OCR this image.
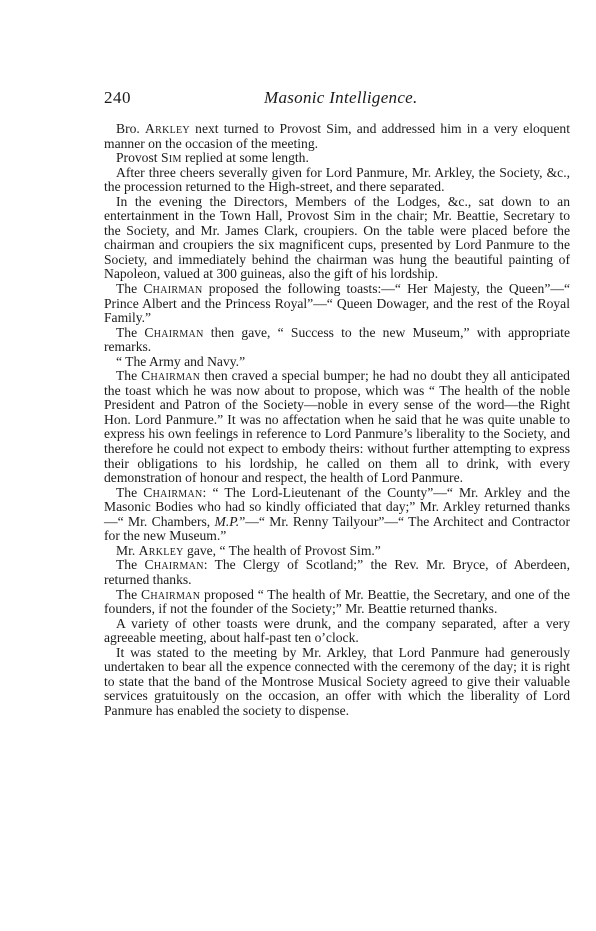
240	Masonic Intelligence.

Bro. Arkley next turned to Provost Sim, and addressed him in a very eloquent manner on the occasion of the meeting.

Provost Sim replied at some length.

After three cheers severally given for Lord Panmure, Mr. Arkley, the Society, &c., the procession returned to the High-street, and there separated.

In the evening the Directors, Members of the Lodges, &c., sat down to an entertainment in the Town Hall, Provost Sim in the chair; Mr. Beattie, Secretary to the Society, and Mr. James Clark, croupiers. On the table were placed before the chairman and croupiers the six magnificent cups, presented by Lord Panmure to the Society, and immediately behind the chairman was hung the beautiful painting of Napoleon, valued at 300 guineas, also the gift of his lordship.

The Chairman proposed the following toasts:—“ Her Majesty, the Queen”—“ Prince Albert and the Princess Royal”—“ Queen Dowager, and the rest of the Royal Family.”

The Chairman then gave, “ Success to the new Museum,” with appropriate remarks.

“ The Army and Navy.”

The Chairman then craved a special bumper; he had no doubt they all anticipated the toast which he was now about to propose, which was “ The health of the noble President and Patron of the Society—noble in every sense of the word—the Right Hon. Lord Panmure.” It was no affectation when he said that he was quite unable to express his own feelings in reference to Lord Panmure’s liberality to the Society, and therefore he could not expect to embody theirs: without further attempting to express their obligations to his lordship, he called on them all to drink, with every demonstration of honour and respect, the health of Lord Panmure.

The Chairman: “ The Lord-Lieutenant of the County”—“ Mr. Arkley and the Masonic Bodies who had so kindly officiated that day;” Mr. Arkley returned thanks—“ Mr. Chambers, M.P.”—“ Mr. Renny Tailyour”—“ The Architect and Contractor for the new Museum.”

Mr. Arkley gave, “ The health of Provost Sim.”

The Chairman: The Clergy of Scotland;” the Rev. Mr. Bryce, of Aberdeen, returned thanks.

The Chairman proposed “ The health of Mr. Beattie, the Secretary, and one of the founders, if not the founder of the Society;” Mr. Beattie returned thanks.

A variety of other toasts were drunk, and the company separated, after a very agreeable meeting, about half-past ten o’clock.

It was stated to the meeting by Mr. Arkley, that Lord Panmure had generously undertaken to bear all the expence connected with the ceremony of the day; it is right to state that the band of the Montrose Musical Society agreed to give their valuable services gratuitously on the occasion, an offer with which the liberality of Lord Panmure has enabled the society to dispense.
